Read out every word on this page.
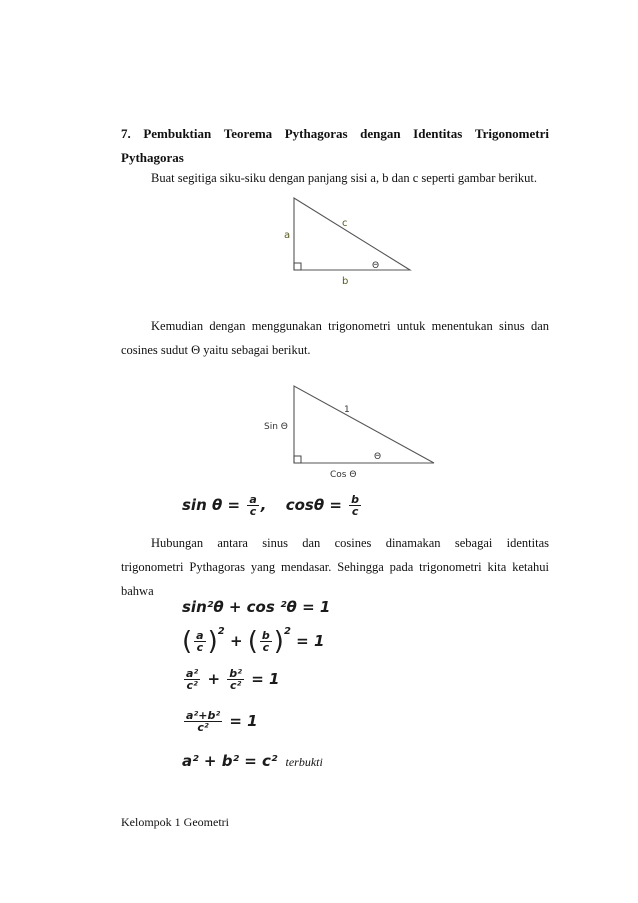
7. Pembuktian Teorema Pythagoras dengan Identitas Trigonometri
Pythagoras
Buat segitiga siku-siku dengan panjang sisi a, b dan c seperti gambar berikut.
a
c
b
Θ
Kemudian dengan menggunakan trigonometri untuk menentukan sinus dan
cosines sudut Θ yaitu sebagai berikut.
Sin Θ
1
Cos Θ
Θ
$\sin \theta = \frac{a}{c}$ , $\cos\theta = \frac{b}{c}$
Hubungan antara sinus dan cosines dinamakan sebagai identitas
trigonometri Pythagoras yang mendasar. Sehingga pada trigonometri kita ketahui
bahwa
sin²θ + cos ²θ = 1
( $\frac{a}{c} )^2$ + ( $\frac{b}{c} )^2 = 1$
$\frac{\text{a²}}{\text{c²}} + \frac{\text{b²}}{\text{c²}} = 1$
$\frac{\text{a²+b²}}{\text{c²}} = 1$
a² + b² = c² terbukti
Kelompok 1 Geometri
